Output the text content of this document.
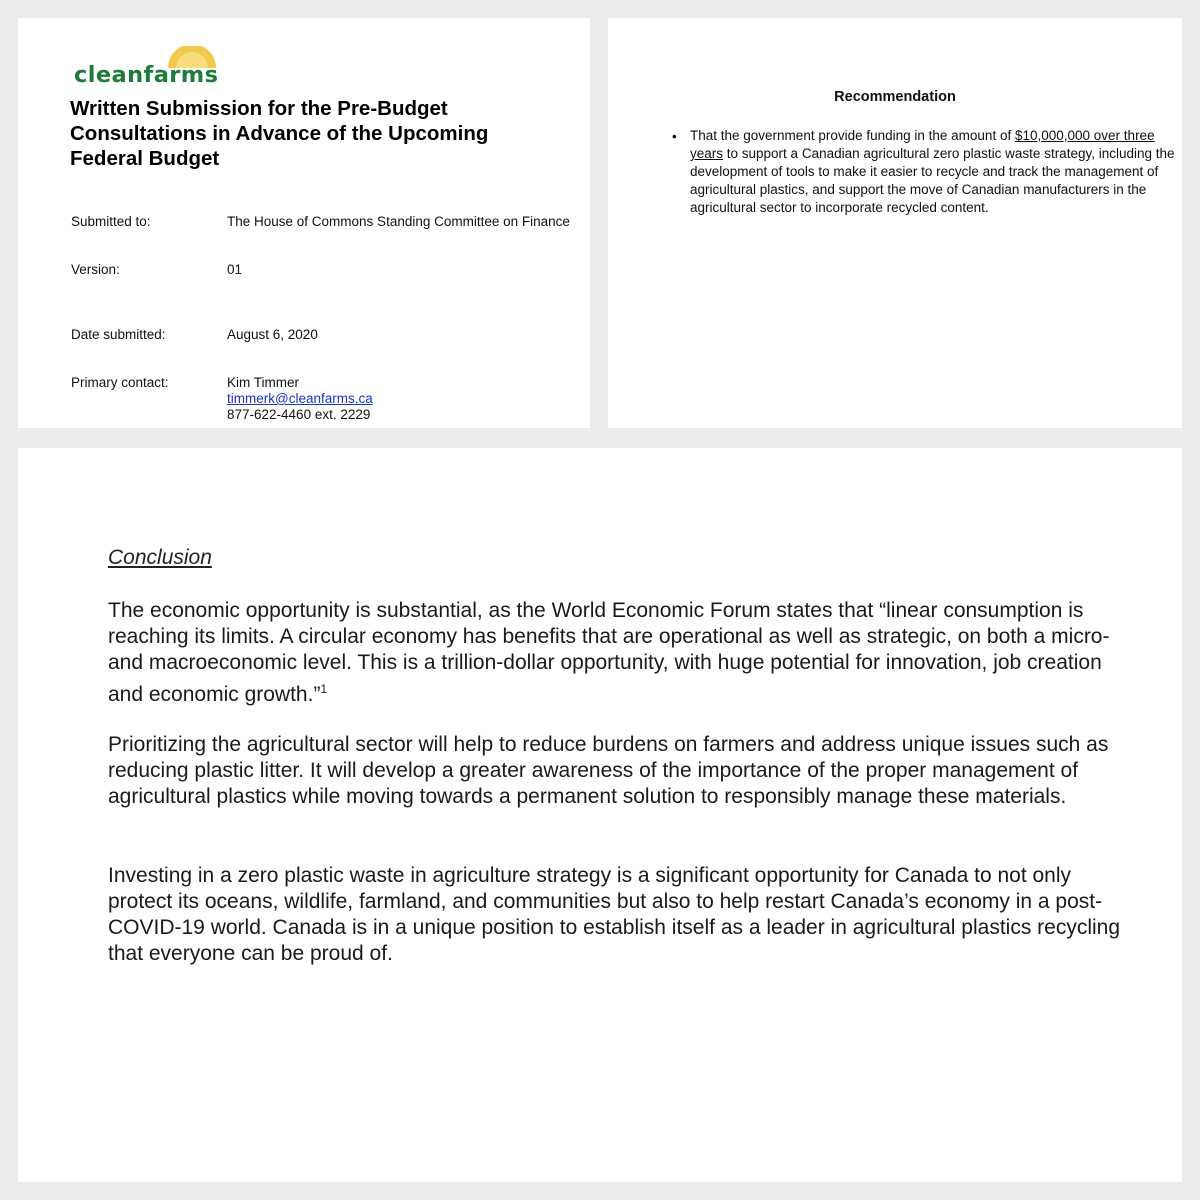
cleanfarms
Written Submission for the Pre-Budget Consultations in Advance of the Upcoming Federal Budget
Submitted to:	The House of Commons Standing Committee on Finance
Version:	01
Date submitted:	August 6, 2020
Primary contact:	Kim Timmer
timmerk@cleanfarms.ca
877-622-4460 ext. 2229
Recommendation
• That the government provide funding in the amount of $10,000,000 over three years to support a Canadian agricultural zero plastic waste strategy, including the development of tools to make it easier to recycle and track the management of agricultural plastics, and support the move of Canadian manufacturers in the agricultural sector to incorporate recycled content.
Conclusion
The economic opportunity is substantial, as the World Economic Forum states that “linear consumption is reaching its limits. A circular economy has benefits that are operational as well as strategic, on both a micro- and macroeconomic level. This is a trillion-dollar opportunity, with huge potential for innovation, job creation and economic growth.”$^1$
Prioritizing the agricultural sector will help to reduce burdens on farmers and address unique issues such as reducing plastic litter. It will develop a greater awareness of the importance of the proper management of agricultural plastics while moving towards a permanent solution to responsibly manage these materials.
Investing in a zero plastic waste in agriculture strategy is a significant opportunity for Canada to not only protect its oceans, wildlife, farmland, and communities but also to help restart Canada’s economy in a post-COVID-19 world. Canada is in a unique position to establish itself as a leader in agricultural plastics recycling that everyone can be proud of.
